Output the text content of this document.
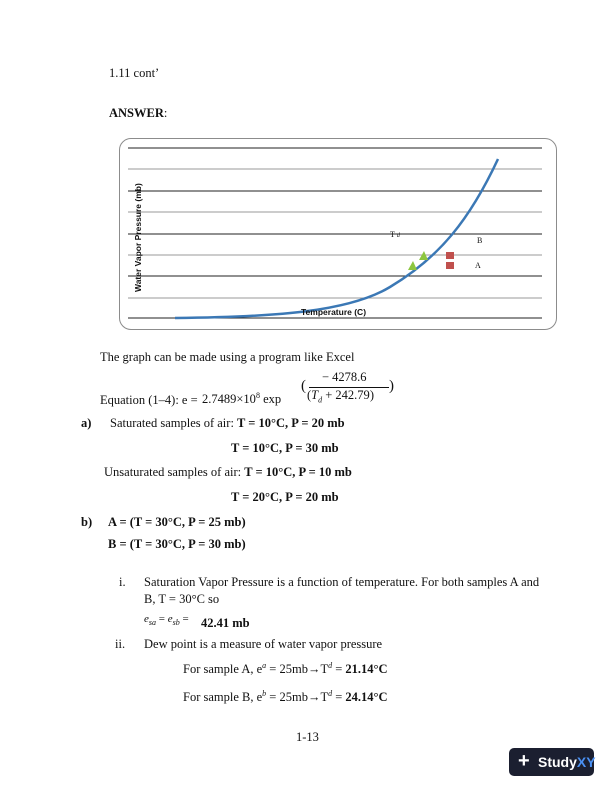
1.11 cont’
ANSWER:
T d	B
A
Temperature (C)
Water Vapor Pressure (mb)
The graph can be made using a program like Excel
Equation (1–4): $e = 2.7489\times 10^8$ exp
(	)
− 4278.6
$(T_d + 242.79)$
a) Saturated samples of air: T = 10°C, P = 20 mb
T = 10°C, P = 30 mb
Unsaturated samples of air: T = 10°C, P = 10 mb
T = 20°C, P = 20 mb
b) A = (T = 30°C, P = 25 mb)
B = (T = 30°C, P = 30 mb)
i. Saturation Vapor Pressure is a function of temperature. For both samples A and
B, T = 30°C so
$e_{sa} = e_{sb} = 42.41$ mb
ii. Dew point is a measure of water vapor pressure
For sample A, $e^a = 25mb\to T^d = 21.14^\circ C$
For sample B, $e^b = 25mb\to T^d = 24.14^\circ C$
1-13
+ StudyXY
